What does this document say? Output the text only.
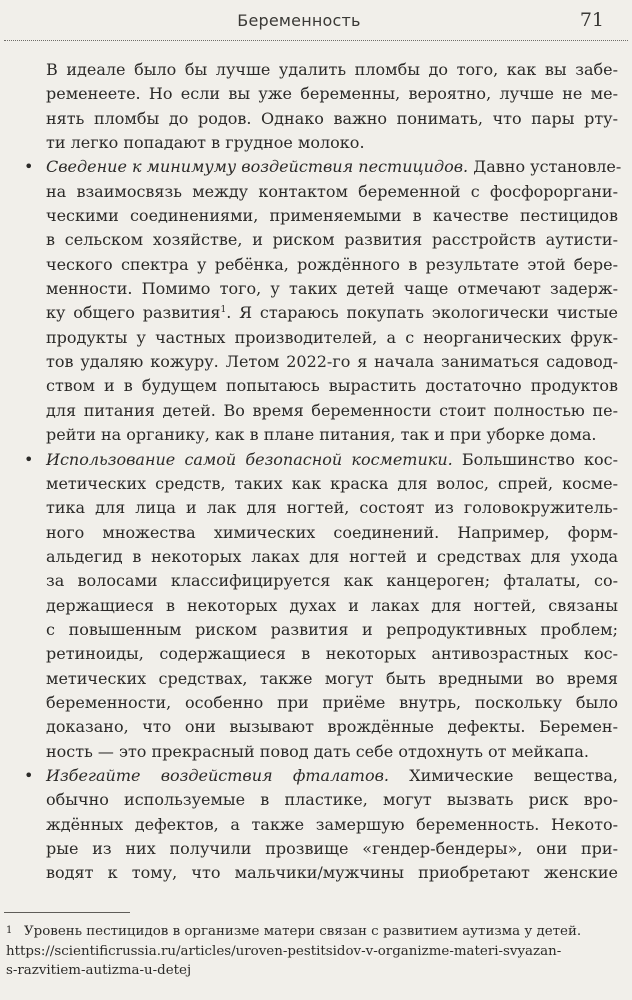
Беременность	71
В идеале было бы лучше удалить пломбы до того, как вы забе-
ременеете. Но если вы уже беременны, вероятно, лучше не ме-
нять пломбы до родов. Однако важно понимать, что пары рту-
ти легко попадают в грудное молоко.
• Сведение к минимуму воздействия пестицидов. Давно установле-
на взаимосвязь между контактом беременной с фосфороргани-
ческими соединениями, применяемыми в качестве пестицидов
в сельском хозяйстве, и риском развития расстройств аутисти-
ческого спектра у ребёнка, рождённого в результате этой бере-
менности. Помимо того, у таких детей чаще отмечают задерж-
ку общего развития$^1$. Я стараюсь покупать экологически чистые
продукты у частных производителей, а с неорганических фрук-
тов удаляю кожуру. Летом 2022-го я начала заниматься садовод-
ством и в будущем попытаюсь вырастить достаточно продуктов
для питания детей. Во время беременности стоит полностью пе-
рейти на органику, как в плане питания, так и при уборке дома.
• Использование самой безопасной косметики. Большинство кос-
метических средств, таких как краска для волос, спрей, косме-
тика для лица и лак для ногтей, состоят из головокружитель-
ного множества химических соединений. Например, форм-
альдегид в некоторых лаках для ногтей и средствах для ухода
за волосами классифицируется как канцероген; фталаты, со-
держащиеся в некоторых духах и лаках для ногтей, связаны
с повышенным риском развития и репродуктивных проблем;
ретиноиды, содержащиеся в некоторых антивозрастных кос-
метических средствах, также могут быть вредными во время
беременности, особенно при приёме внутрь, поскольку было
доказано, что они вызывают врождённые дефекты. Беремен-
ность — это прекрасный повод дать себе отдохнуть от мейкапа.
• Избегайте воздействия фталатов. Химические вещества,
обычно используемые в пластике, могут вызвать риск вро-
ждённых дефектов, а также замершую беременность. Некото-
рые из них получили прозвище «гендер-бендеры», они при-
водят к тому, что мальчики/мужчины приобретают женские
1 Уровень пестицидов в организме матери связан с развитием аутизма у детей.
https://scientificrussia.ru/articles/uroven-pestitsidov-v-organizme-materi-svyazan-
s-razvitiem-autizma-u-detej
